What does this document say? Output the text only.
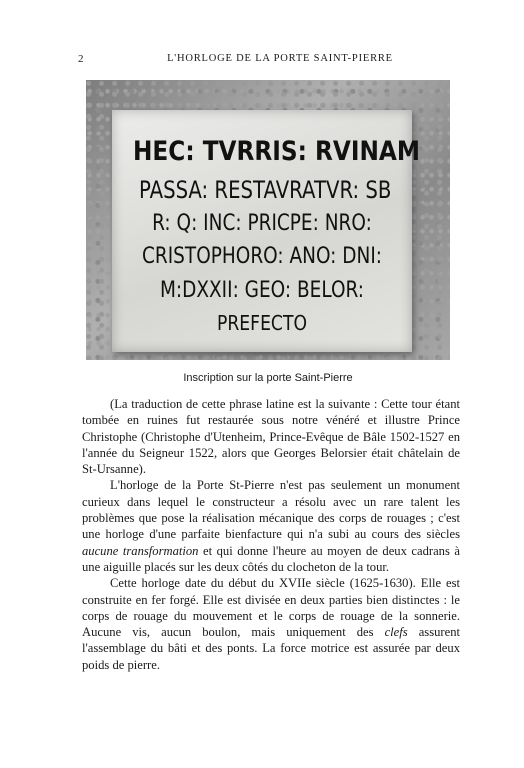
2	L'HORLOGE DE LA PORTE SAINT-PIERRE
HEC: TVRRIS: RVINAM
PASSA: RESTAVRATVR: SB
R: Q: INC: PRICPE: NRO:
CRISTOPHORO: ANO: DNI:
M:DXXII: GEO: BELOR:
PREFECTO
Inscription sur la porte Saint-Pierre

(La traduction de cette phrase latine est la suivante : Cette tour étant tombée en ruines fut restaurée sous notre vénéré et illustre Prince Christophe (Christophe d'Utenheim, Prince-Evêque de Bâle 1502-1527 en l'année du Seigneur 1522, alors que Georges Belorsier était châtelain de St-Ursanne).

L'horloge de la Porte St-Pierre n'est pas seulement un monument curieux dans lequel le constructeur a résolu avec un rare talent les problèmes que pose la réalisation mécanique des corps de rouages ; c'est une horloge d'une parfaite bienfacture qui n'a subi au cours des siècles aucune transformation et qui donne l'heure au moyen de deux cadrans à une aiguille placés sur les deux côtés du clocheton de la tour.

Cette horloge date du début du XVIIe siècle (1625-1630). Elle est construite en fer forgé. Elle est divisée en deux parties bien distinctes : le corps de rouage du mouvement et le corps de rouage de la sonnerie. Aucune vis, aucun boulon, mais uniquement des clefs assurent l'assemblage du bâti et des ponts. La force motrice est assurée par deux poids de pierre.
